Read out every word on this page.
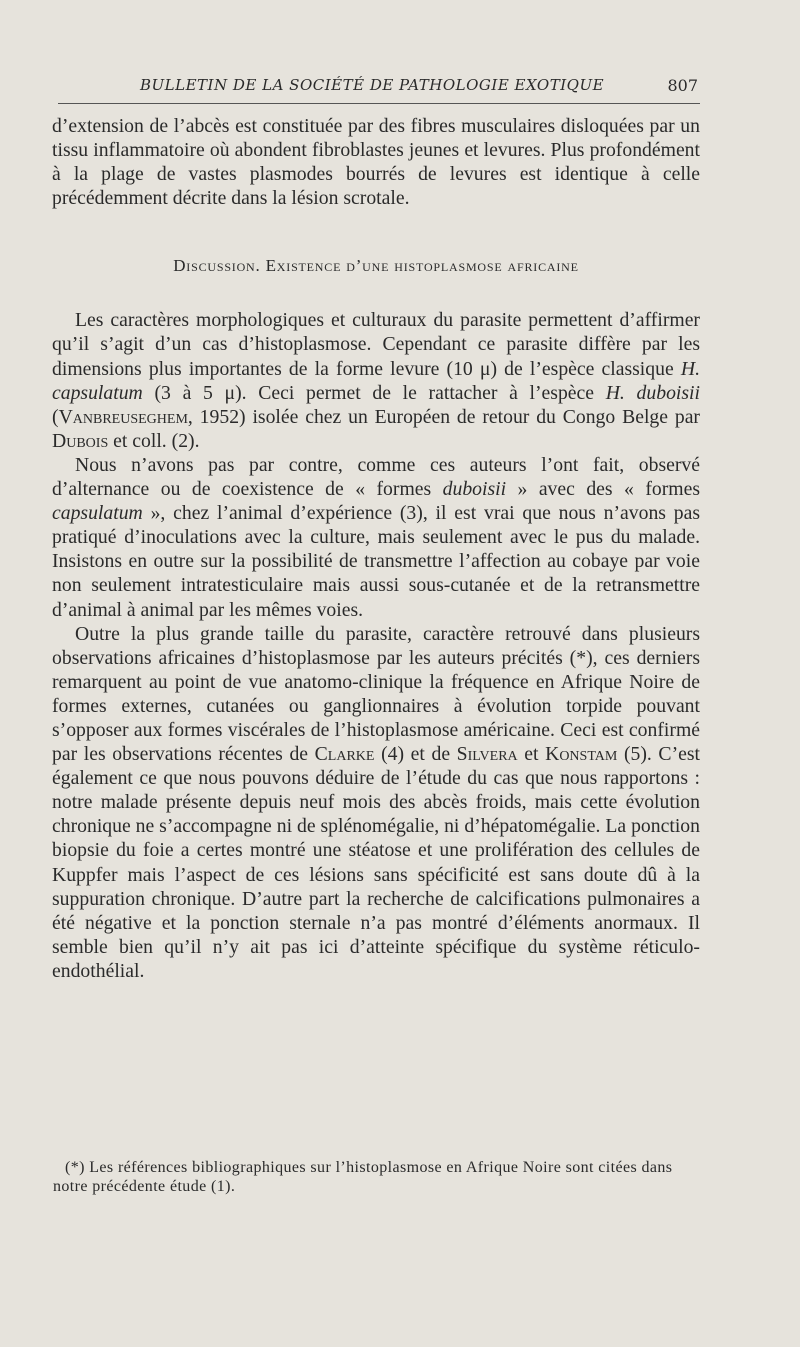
BULLETIN DE LA SOCIÉTÉ DE PATHOLOGIE EXOTIQUE	807

d’extension de l’abcès est constituée par des fibres musculaires disloquées par un tissu inflammatoire où abondent fibroblastes jeunes et levures. Plus profondément à la plage de vastes plasmodes bourrés de levures est identique à celle précédemment décrite dans la lésion scrotale.

Discussion. Existence d’une histoplasmose africaine

Les caractères morphologiques et culturaux du parasite permettent d’affirmer qu’il s’agit d’un cas d’histoplasmose. Cependant ce parasite diffère par les dimensions plus importantes de la forme levure (10 μ) de l’espèce classique H. capsulatum (3 à 5 μ). Ceci permet de le rattacher à l’espèce H. duboisii (Vanbreuseghem, 1952) isolée chez un Européen de retour du Congo Belge par Dubois et coll. (2).

Nous n’avons pas par contre, comme ces auteurs l’ont fait, observé d’alternance ou de coexistence de « formes duboisii » avec des « formes capsulatum », chez l’animal d’expérience (3), il est vrai que nous n’avons pas pratiqué d’inoculations avec la culture, mais seulement avec le pus du malade. Insistons en outre sur la possibilité de transmettre l’affection au cobaye par voie non seulement intratesticulaire mais aussi sous-cutanée et de la retransmettre d’animal à animal par les mêmes voies.

Outre la plus grande taille du parasite, caractère retrouvé dans plusieurs observations africaines d’histoplasmose par les auteurs précités (*), ces derniers remarquent au point de vue anatomo-clinique la fréquence en Afrique Noire de formes externes, cutanées ou ganglionnaires à évolution torpide pouvant s’opposer aux formes viscérales de l’histoplasmose américaine. Ceci est confirmé par les observations récentes de Clarke (4) et de Silvera et Konstam (5). C’est également ce que nous pouvons déduire de l’étude du cas que nous rapportons : notre malade présente depuis neuf mois des abcès froids, mais cette évolution chronique ne s’accompagne ni de splénomégalie, ni d’hépatomégalie. La ponction biopsie du foie a certes montré une stéatose et une prolifération des cellules de Kuppfer mais l’aspect de ces lésions sans spécificité est sans doute dû à la suppuration chronique. D’autre part la recherche de calcifications pulmonaires a été négative et la ponction sternale n’a pas montré d’éléments anormaux. Il semble bien qu’il n’y ait pas ici d’atteinte spécifique du système réticulo-endothélial.

(*) Les références bibliographiques sur l’histoplasmose en Afrique Noire sont citées dans notre précédente étude (1).
